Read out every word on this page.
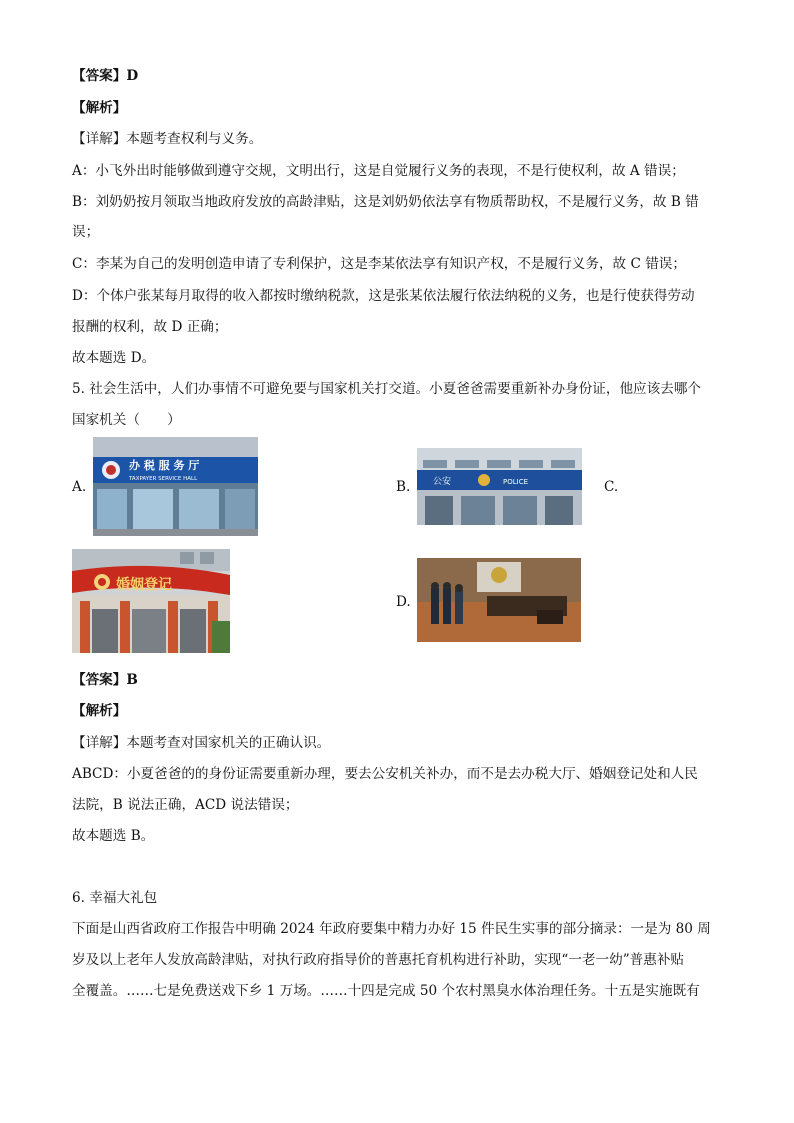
【答案】D
【解析】
【详解】本题考查权利与义务。
A：小飞外出时能够做到遵守交规，文明出行，这是自觉履行义务的表现，不是行使权利，故 A 错误；
B：刘奶奶按月领取当地政府发放的高龄津贴，这是刘奶奶依法享有物质帮助权，不是履行义务，故 B 错
误；
C：李某为自己的发明创造申请了专利保护，这是李某依法享有知识产权，不是履行义务，故 C 错误；
D：个体户张某每月取得的收入都按时缴纳税款，这是张某依法履行依法纳税的义务，也是行使获得劳动
报酬的权利，故 D 正确；
故本题选 D。
5. 社会生活中，人们办事情不可避免要与国家机关打交道。小夏爸爸需要重新补办身份证，他应该去哪个
国家机关（　　）
A.
办 税 服 务 厅
TAXPAYER SERVICE HALL	B.	公安	POLICE	C.
婚姻登记
D.
【答案】B
【解析】
【详解】本题考查对国家机关的正确认识。
ABCD：小夏爸爸的的身份证需要重新办理，要去公安机关补办，而不是去办税大厅、婚姻登记处和人民
法院，B 说法正确，ACD 说法错误；
故本题选 B。
6. 幸福大礼包
下面是山西省政府工作报告中明确 2024 年政府要集中精力办好 15 件民生实事的部分摘录：一是为 80 周
岁及以上老年人发放高龄津贴，对执行政府指导价的普惠托育机构进行补助，实现“一老一幼”普惠补贴
全覆盖。……七是免费送戏下乡 1 万场。……十四是完成 50 个农村黑臭水体治理任务。十五是实施既有
